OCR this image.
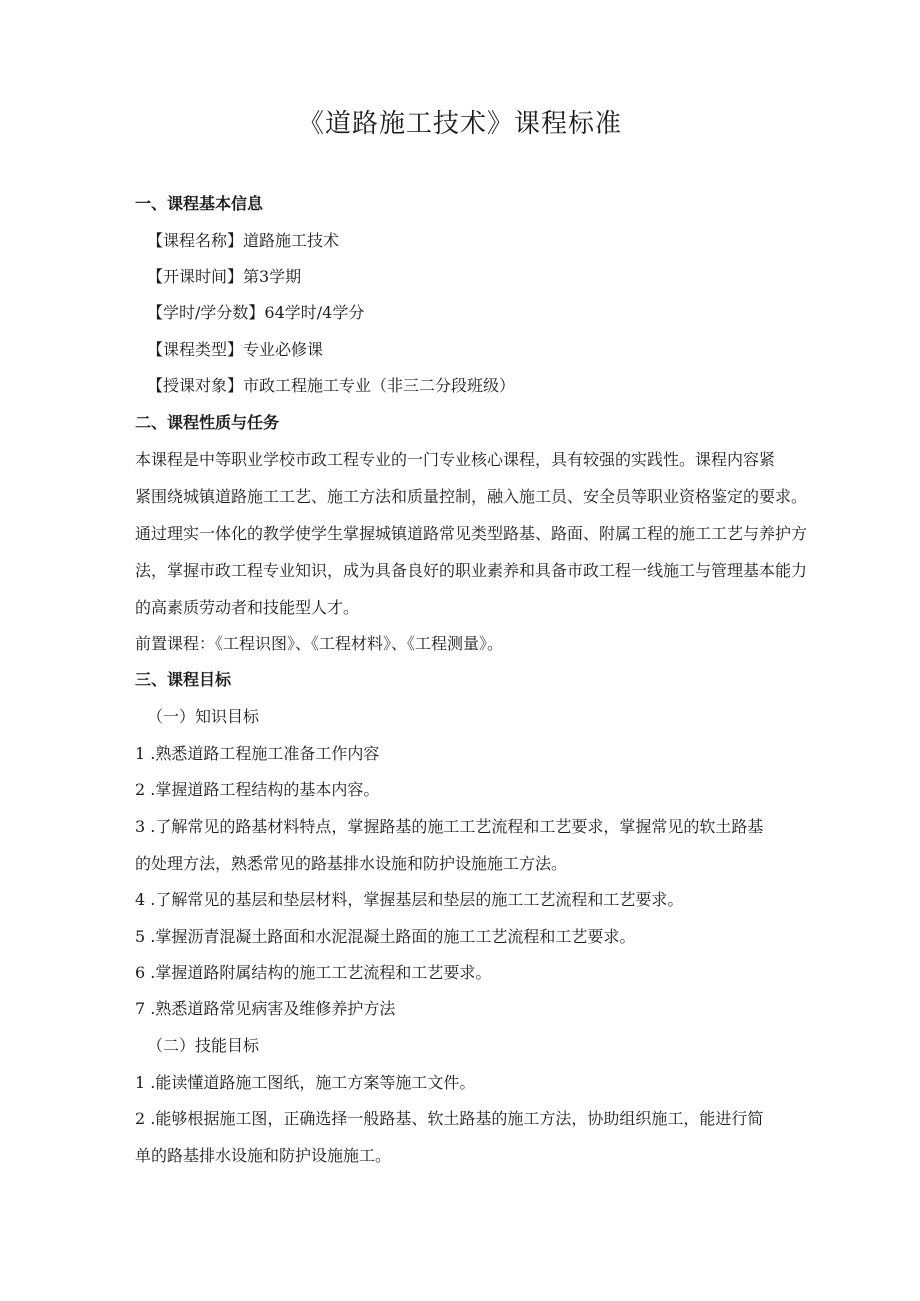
《道路施工技术》课程标准
一、课程基本信息
【课程名称】道路施工技术
【开课时间】第3学期
【学时/学分数】64学时/4学分
【课程类型】专业必修课
【授课对象】市政工程施工专业（非三二分段班级）
二、课程性质与任务
本课程是中等职业学校市政工程专业的一门专业核心课程，具有较强的实践性。课程内容紧
紧围绕城镇道路施工工艺、施工方法和质量控制，融入施工员、安全员等职业资格鉴定的要求。
通过理实一体化的教学使学生掌握城镇道路常见类型路基、路面、附属工程的施工工艺与养护方
法，掌握市政工程专业知识，成为具备良好的职业素养和具备市政工程一线施工与管理基本能力
的高素质劳动者和技能型人才。
前置课程：《工程识图》、《工程材料》、《工程测量》。
三、课程目标
（一）知识目标
1 .熟悉道路工程施工准备工作内容
2 .掌握道路工程结构的基本内容。
3 .了解常见的路基材料特点，掌握路基的施工工艺流程和工艺要求，掌握常见的软土路基
的处理方法，熟悉常见的路基排水设施和防护设施施工方法。
4 .了解常见的基层和垫层材料，掌握基层和垫层的施工工艺流程和工艺要求。
5 .掌握沥青混凝土路面和水泥混凝土路面的施工工艺流程和工艺要求。
6 .掌握道路附属结构的施工工艺流程和工艺要求。
7 .熟悉道路常见病害及维修养护方法
（二）技能目标
1 .能读懂道路施工图纸，施工方案等施工文件。
2 .能够根据施工图，正确选择一般路基、软土路基的施工方法，协助组织施工，能进行简
单的路基排水设施和防护设施施工。
